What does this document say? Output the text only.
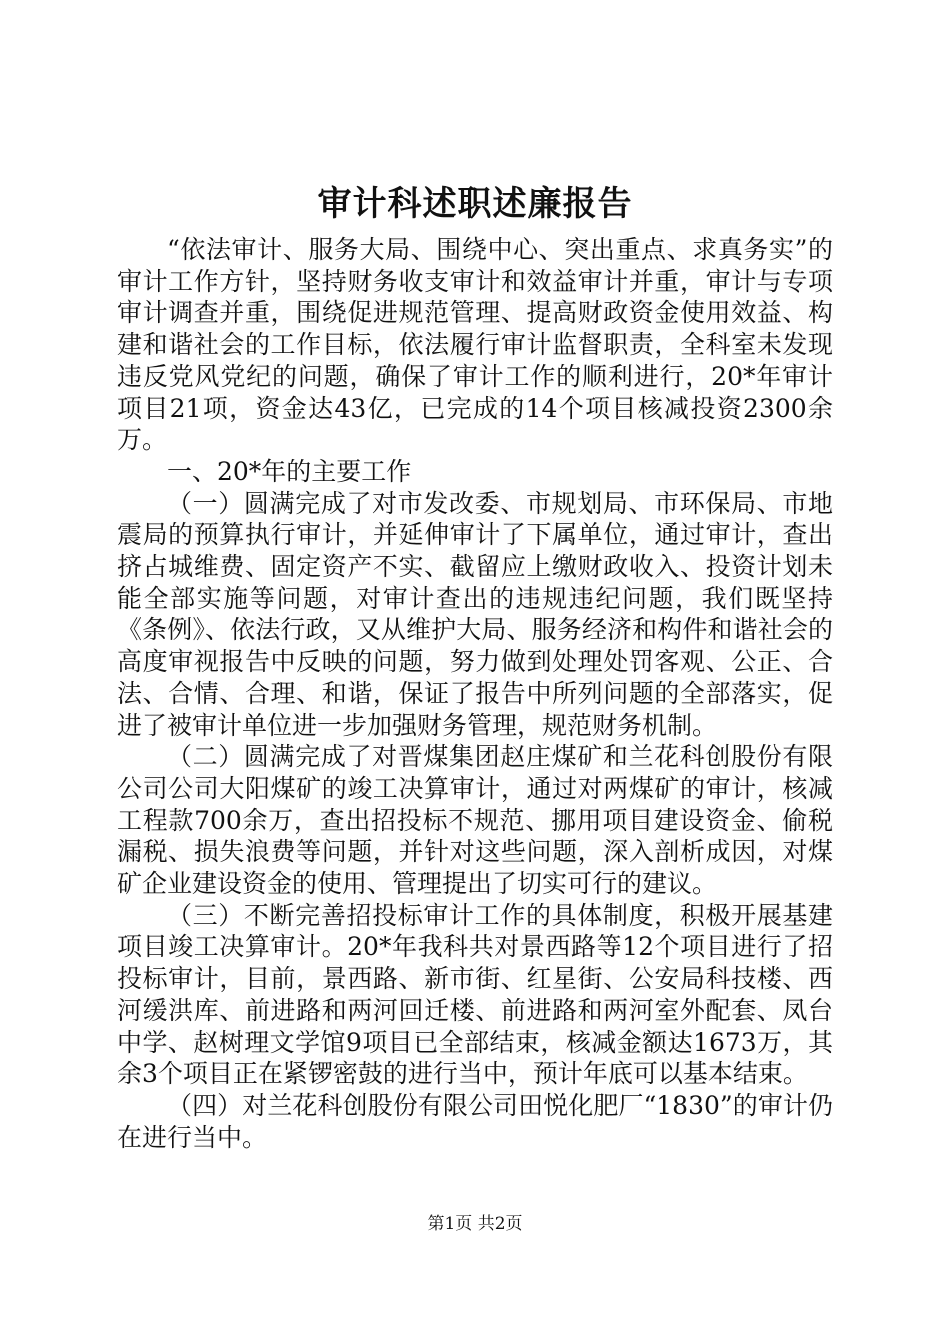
审计科述职述廉报告

“依法审计、服务大局、围绕中心、突出重点、求真务实”的审计工作方针，坚持财务收支审计和效益审计并重，审计与专项审计调查并重，围绕促进规范管理、提高财政资金使用效益、构建和谐社会的工作目标，依法履行审计监督职责，全科室未发现违反党风党纪的问题，确保了审计工作的顺利进行，20*年审计项目21项，资金达43亿，已完成的14个项目核减投资2300余万。

一、20*年的主要工作

（一）圆满完成了对市发改委、市规划局、市环保局、市地震局的预算执行审计，并延伸审计了下属单位，通过审计，查出挤占城维费、固定资产不实、截留应上缴财政收入、投资计划未能全部实施等问题，对审计查出的违规违纪问题，我们既坚持《条例》、依法行政，又从维护大局、服务经济和构件和谐社会的高度审视报告中反映的问题，努力做到处理处罚客观、公正、合法、合情、合理、和谐，保证了报告中所列问题的全部落实，促进了被审计单位进一步加强财务管理，规范财务机制。

（二）圆满完成了对晋煤集团赵庄煤矿和兰花科创股份有限公司公司大阳煤矿的竣工决算审计，通过对两煤矿的审计，核减工程款700余万，查出招投标不规范、挪用项目建设资金、偷税漏税、损失浪费等问题，并针对这些问题，深入剖析成因，对煤矿企业建设资金的使用、管理提出了切实可行的建议。

（三）不断完善招投标审计工作的具体制度，积极开展基建项目竣工决算审计。20*年我科共对景西路等12个项目进行了招投标审计，目前，景西路、新市街、红星街、公安局科技楼、西河缓洪库、前进路和两河回迁楼、前进路和两河室外配套、凤台中学、赵树理文学馆9项目已全部结束，核减金额达1673万，其余3个项目正在紧锣密鼓的进行当中，预计年底可以基本结束。

（四）对兰花科创股份有限公司田悦化肥厂“1830”的审计仍在进行当中。

第1页 共2页
